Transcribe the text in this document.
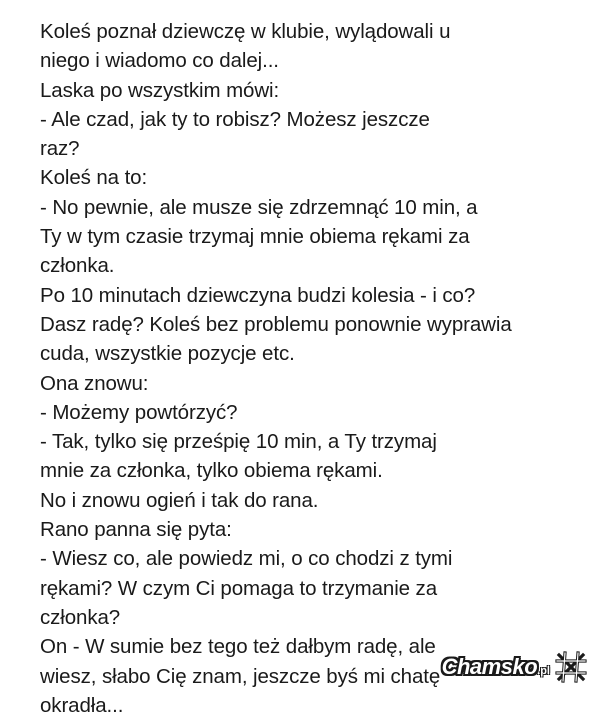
Koleś poznał dziewczę w klubie, wylądowali u
niego i wiadomo co dalej...
Laska po wszystkim mówi:
- Ale czad, jak ty to robisz? Możesz jeszcze
raz?
Koleś na to:
- No pewnie, ale musze się zdrzemnąć 10 min, a
Ty w tym czasie trzymaj mnie obiema rękami za
członka.
Po 10 minutach dziewczyna budzi kolesia - i co?
Dasz radę? Koleś bez problemu ponownie wyprawia
cuda, wszystkie pozycje etc.
Ona znowu:
- Możemy powtórzyć?
- Tak, tylko się prześpię 10 min, a Ty trzymaj
mnie za członka, tylko obiema rękami.
No i znowu ogień i tak do rana.
Rano panna się pyta:
- Wiesz co, ale powiedz mi, o co chodzi z tymi
rękami? W czym Ci pomaga to trzymanie za
członka?
On - W sumie bez tego też dałbym radę, ale
wiesz, słabo Cię znam, jeszcze byś mi chatę
okradła...
Chamsko .pl
